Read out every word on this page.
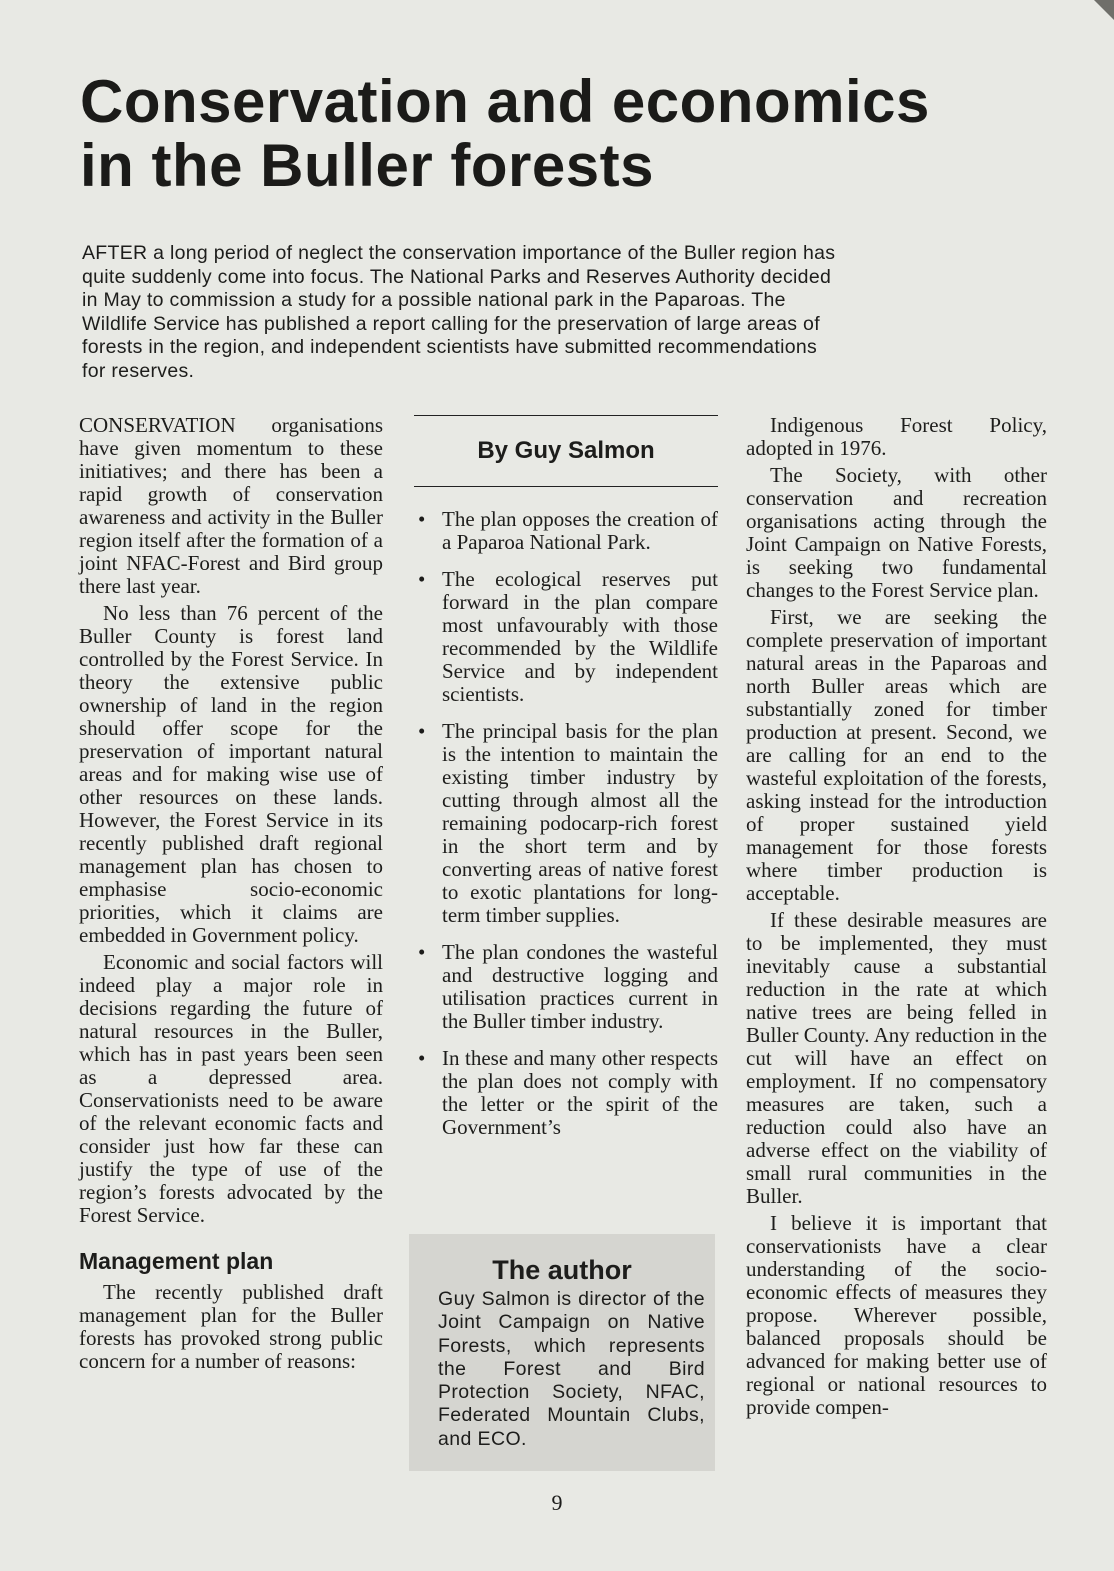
Conservation and economics
in the Buller forests

AFTER a long period of neglect the conservation importance of the Buller region has quite suddenly come into focus. The National Parks and Reserves Authority decided in May to commission a study for a possible national park in the Paparoas. The Wildlife Service has published a report calling for the preservation of large areas of forests in the region, and independent scientists have submitted recommendations for reserves.

CONSERVATION organisations have given momentum to these initiatives; and there has been a rapid growth of conservation awareness and activity in the Buller region itself after the formation of a joint NFAC-Forest and Bird group there last year.

No less than 76 percent of the Buller County is forest land controlled by the Forest Service. In theory the extensive public ownership of land in the region should offer scope for the preservation of important natural areas and for making wise use of other resources on these lands. However, the Forest Service in its recently published draft regional management plan has chosen to emphasise socio-economic priorities, which it claims are embedded in Government policy.

Economic and social factors will indeed play a major role in decisions regarding the future of natural resources in the Buller, which has in past years been seen as a depressed area. Conservationists need to be aware of the relevant economic facts and consider just how far these can justify the type of use of the region’s forests advocated by the Forest Service.

Management plan

The recently published draft management plan for the Buller forests has provoked strong public concern for a number of reasons:

By Guy Salmon

• The plan opposes the creation of a Paparoa National Park.
• The ecological reserves put forward in the plan compare most unfavourably with those recommended by the Wildlife Service and by independent scientists.
• The principal basis for the plan is the intention to maintain the existing timber industry by cutting through almost all the remaining podocarp-rich forest in the short term and by converting areas of native forest to exotic plantations for long-term timber supplies.
• The plan condones the wasteful and destructive logging and utilisation practices current in the Buller timber industry.
• In these and many other respects the plan does not comply with the letter or the spirit of the Government’s
The author

Guy Salmon is director of the Joint Campaign on Native Forests, which represents the Forest and Bird Protection Society, NFAC, Federated Mountain Clubs, and ECO.

Indigenous Forest Policy, adopted in 1976.

The Society, with other conservation and recreation organisations acting through the Joint Campaign on Native Forests, is seeking two fundamental changes to the Forest Service plan.

First, we are seeking the complete preservation of important natural areas in the Paparoas and north Buller areas which are substantially zoned for timber production at present. Second, we are calling for an end to the wasteful exploitation of the forests, asking instead for the introduction of proper sustained yield management for those forests where timber production is acceptable.

If these desirable measures are to be implemented, they must inevitably cause a substantial reduction in the rate at which native trees are being felled in Buller County. Any reduction in the cut will have an effect on employment. If no compensatory measures are taken, such a reduction could also have an adverse effect on the viability of small rural communities in the Buller.

I believe it is important that conservationists have a clear understanding of the socio-economic effects of measures they propose. Wherever possible, balanced proposals should be advanced for making better use of regional or national resources to provide compen-

9
